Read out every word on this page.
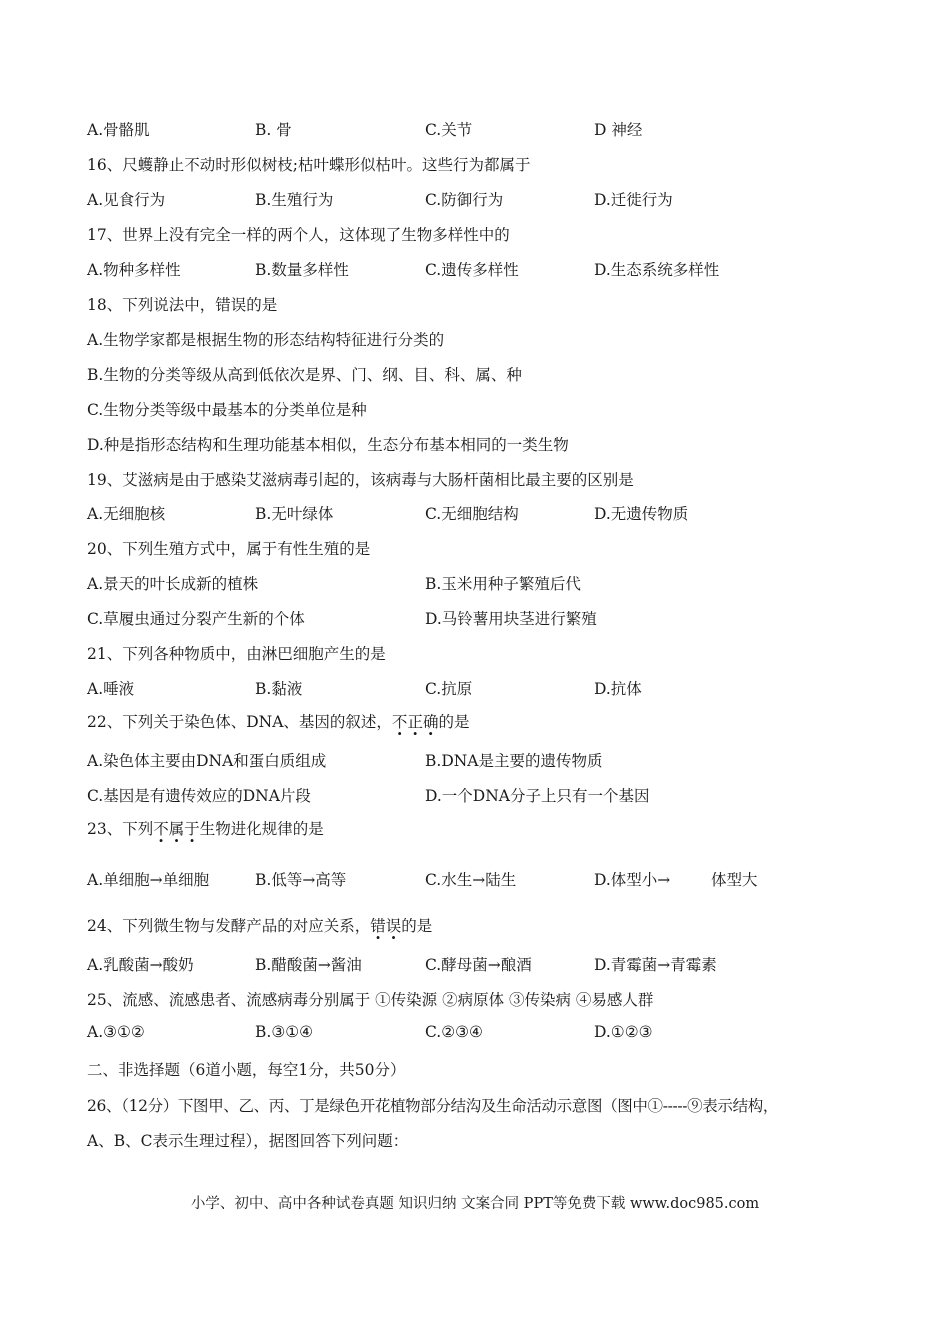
A.骨骼肌	B. 骨	C.关节	D 神经
16、尺蠖静止不动时形似树枝;枯叶蝶形似枯叶。这些行为都属于
A.见食行为	B.生殖行为	C.防御行为	D.迁徙行为
17、世界上没有完全一样的两个人，这体现了生物多样性中的
A.物种多样性	B.数量多样性	C.遗传多样性	D.生态系统多样性
18、下列说法中，错误的是
A.生物学家都是根据生物的形态结构特征进行分类的
B.生物的分类等级从高到低依次是界、门、纲、目、科、属、种
C.生物分类等级中最基本的分类单位是种
D.种是指形态结构和生理功能基本相似，生态分布基本相同的一类生物
19、艾滋病是由于感染艾滋病毒引起的，该病毒与大肠杆菌相比最主要的区别是
A.无细胞核	B.无叶绿体	C.无细胞结构	D.无遗传物质
20、下列生殖方式中，属于有性生殖的是
A.景天的叶长成新的植株	B.玉米用种子繁殖后代
C.草履虫通过分裂产生新的个体	D.马铃薯用块茎进行繁殖
21、下列各种物质中，由淋巴细胞产生的是
A.唾液	B.黏液	C.抗原	D.抗体
22、下列关于染色体、DNA、基因的叙述，不正确的是
A.染色体主要由DNA和蛋白质组成	B.DNA是主要的遗传物质
C.基因是有遗传效应的DNA片段	D.一个DNA分子上只有一个基因
23、下列不属于生物进化规律的是
A.单细胞→单细胞	B.低等→高等	C.水生→陆生	D.体型小→	体型大
24、下列微生物与发酵产品的对应关系，错误的是
A.乳酸菌→酸奶	B.醋酸菌→酱油	C.酵母菌→酿酒	D.青霉菌→青霉素
25、流感、流感患者、流感病毒分别属于 ①传染源 ②病原体 ③传染病 ④易感人群
A.③①②	B.③①④	C.②③④	D.①②③
二、非选择题（6道小题，每空1分，共50分）
26、（12分）下图甲、乙、丙、丁是绿色开花植物部分结沟及生命活动示意图（图中①-----⑨表示结构，
A、B、C表示生理过程），据图回答下列问题：
小学、初中、高中各种试卷真题 知识归纳 文案合同 PPT等免费下载 www.doc985.com
